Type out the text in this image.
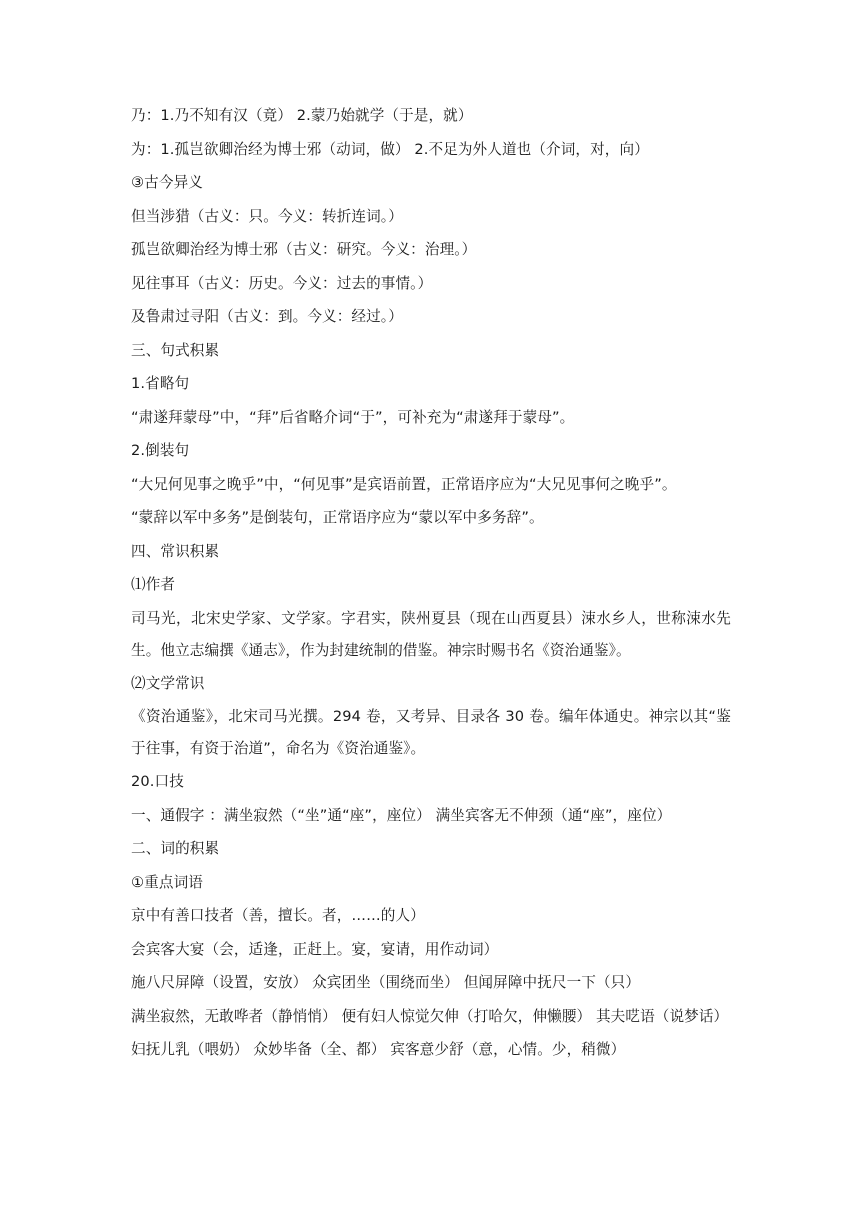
乃：1.乃不知有汉（竟） 2.蒙乃始就学（于是，就）
为：1.孤岂欲卿治经为博士邪（动词，做） 2.不足为外人道也（介词，对，向）
③古今异义
但当涉猎（古义：只。今义：转折连词。）
孤岂欲卿治经为博士邪（古义：研究。今义：治理。）
见往事耳（古义：历史。今义：过去的事情。）
及鲁肃过寻阳（古义：到。今义：经过。）
三、句式积累
1.省略句
“肃遂拜蒙母”中，“拜”后省略介词“于”，可补充为“肃遂拜于蒙母”。
2.倒装句
“大兄何见事之晚乎”中，“何见事”是宾语前置，正常语序应为“大兄见事何之晚乎”。
“蒙辞以军中多务”是倒装句，正常语序应为“蒙以军中多务辞”。
四、常识积累
⑴作者
司马光，北宋史学家、文学家。字君实，陕州夏县（现在山西夏县）涑水乡人，世称涑水先生。他立志编撰《通志》，作为封建统制的借鉴。神宗时赐书名《资治通鉴》。
⑵文学常识
《资治通鉴》，北宋司马光撰。294 卷，又考异、目录各 30 卷。编年体通史。神宗以其“鉴于往事，有资于治道”，命名为《资治通鉴》。
20.口技
一、通假字 ：满坐寂然（“坐”通“座”，座位） 满坐宾客无不伸颈（通“座”，座位）
二、词的积累
①重点词语
京中有善口技者（善，擅长。者，……的人）
会宾客大宴（会，适逢，正赶上。宴，宴请，用作动词）
施八尺屏障（设置，安放） 众宾团坐（围绕而坐） 但闻屏障中抚尺一下（只）
满坐寂然，无敢哗者（静悄悄） 便有妇人惊觉欠伸（打哈欠，伸懒腰） 其夫呓语（说梦话）
妇抚儿乳（喂奶） 众妙毕备（全、都） 宾客意少舒（意，心情。少，稍微）
